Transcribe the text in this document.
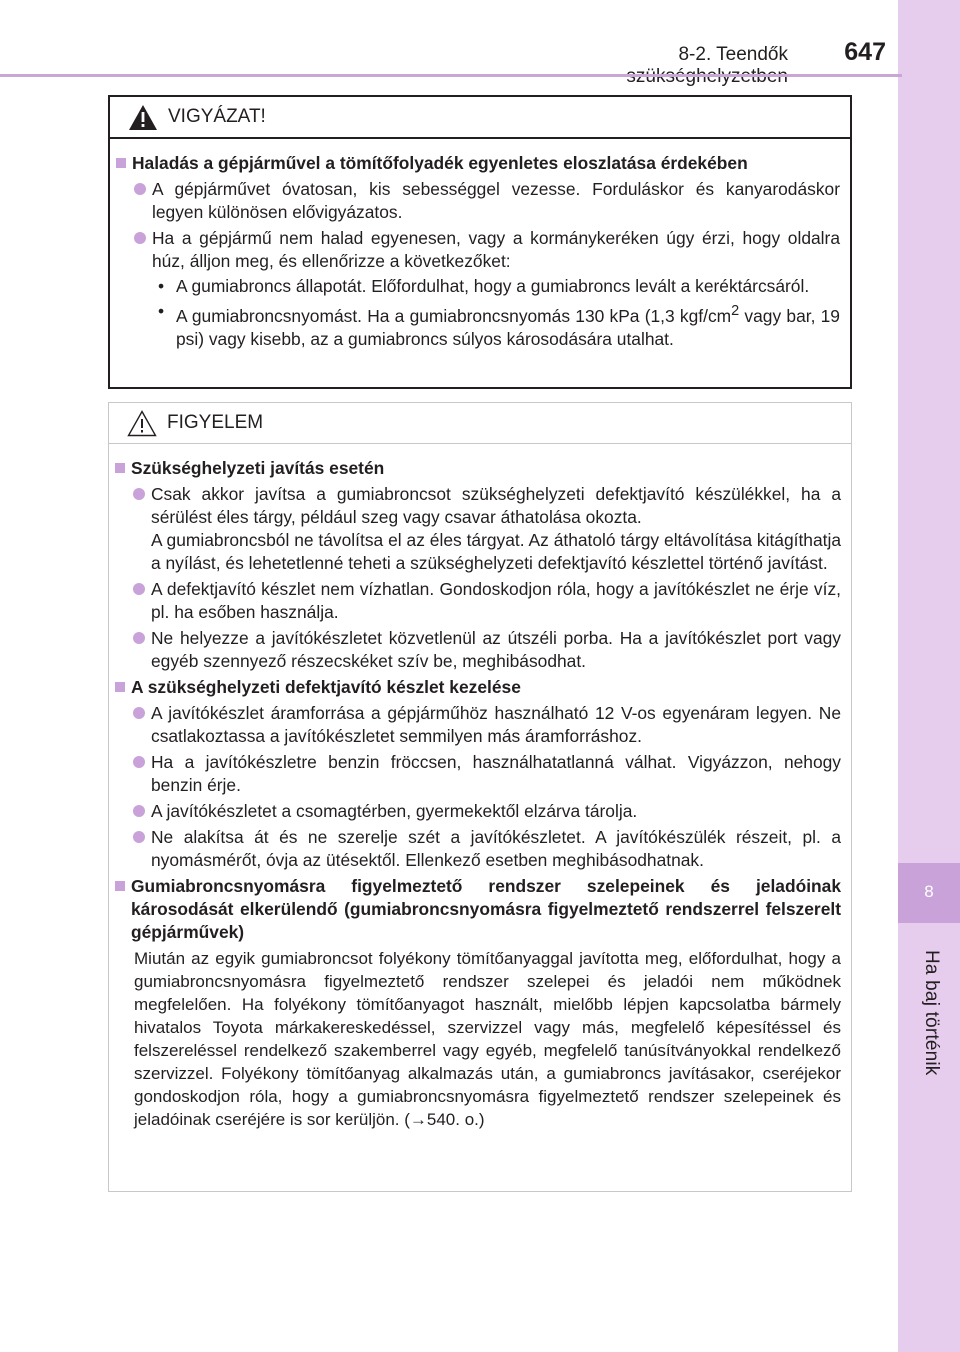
8
Ha baj történik
8-2. Teendők	647
VIGYÁZAT!
Haladás a gépjárművel a tömítőfolyadék egyenletes eloszlatása érdekében
A gépjárművet óvatosan, kis sebességgel vezesse. Forduláskor és kanyarodáskor legyen különösen elővigyázatos.
Ha a gépjármű nem halad egyenesen, vagy a kormánykeréken úgy érzi, hogy oldalra húz, álljon meg, és ellenőrizze a következőket:
• A gumiabroncs állapotát. Előfordulhat, hogy a gumiabroncs levált a keréktárcsáról.
• A gumiabroncsnyomást. Ha a gumiabroncsnyomás 130 kPa (1,3 kgf/$cm^2$ vagy bar, 19 psi) vagy kisebb, az a gumiabroncs súlyos károsodására utalhat.
FIGYELEM
Szükséghelyzeti javítás esetén

Csak akkor javítsa a gumiabroncsot szükséghelyzeti defektjavító készülékkel, ha a sérülést éles tárgy, például szeg vagy csavar áthatolása okozta.

A gumiabroncsból ne távolítsa el az éles tárgyat. Az áthatoló tárgy eltávolítása kitágíthatja a nyílást, és lehetetlenné teheti a szükséghelyzeti defektjavító készlettel történő javítást.

A defektjavító készlet nem vízhatlan. Gondoskodjon róla, hogy a javítókészlet ne érje víz, pl. ha esőben használja.
Ne helyezze a javítókészletet közvetlenül az útszéli porba. Ha a javítókészlet port vagy egyéb szennyező részecskéket szív be, meghibásodhat.
A szükséghelyzeti defektjavító készlet kezelése
A javítókészlet áramforrása a gépjárműhöz használható 12 V-os egyenáram legyen. Ne csatlakoztassa a javítókészletet semmilyen más áramforráshoz.
Ha a javítókészletre benzin fröccsen, használhatatlanná válhat. Vigyázzon, nehogy benzin érje.
A javítókészletet a csomagtérben, gyermekektől elzárva tárolja.
Ne alakítsa át és ne szerelje szét a javítókészletet. A javítókészülék részeit, pl. a nyomásmérőt, óvja az ütésektől. Ellenkező esetben meghibásodhatnak.
Gumiabroncsnyomásra figyelmeztető rendszer szelepeinek és jeladóinak károsodását elkerülendő (gumiabroncsnyomásra figyelmeztető rendszerrel felszerelt gépjárművek)
Miután az egyik gumiabroncsot folyékony tömítőanyaggal javította meg, előfordulhat, hogy a gumiabroncsnyomásra figyelmeztető rendszer szelepei és jeladói nem működnek megfelelően. Ha folyékony tömítőanyagot használt, mielőbb lépjen kapcsolatba bármely hivatalos Toyota márkakereskedéssel, szervizzel vagy más, megfelelő képesítéssel és felszereléssel rendelkező szakemberrel vagy egyéb, megfelelő tanúsítványokkal rendelkező szervizzel. Folyékony tömítőanyag alkalmazás után, a gumiabroncs javításakor, cseréjekor gondoskodjon róla, hogy a gumiabroncsnyomásra figyelmeztető rendszer szelepeinek és jeladóinak cseréjére is sor kerüljön. (→540. o.)
